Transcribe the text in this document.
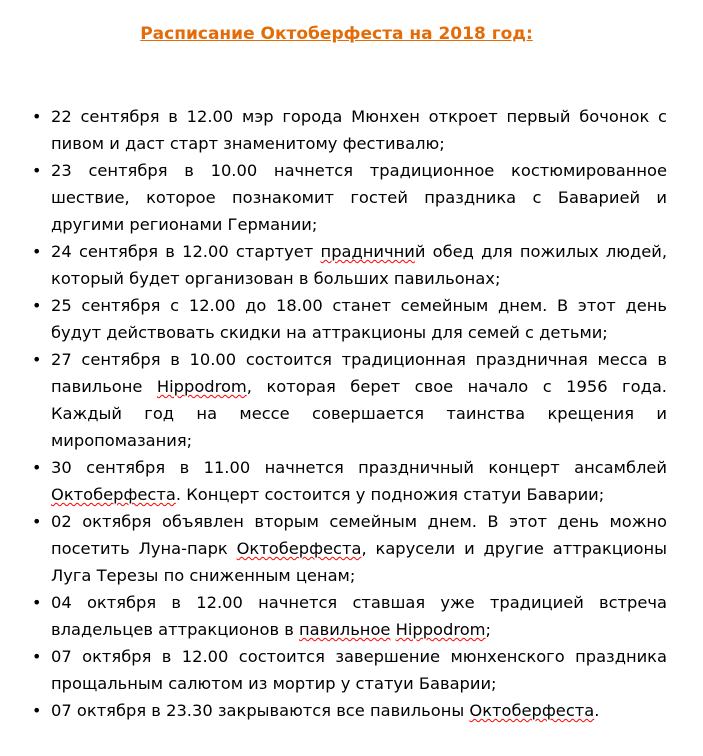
Расписание Октоберфеста на 2018 год:
• 22 сентября в 12.00 мэр города Мюнхен откроет первый бочонок с пивом и даст старт знаменитому фестивалю;
• 23 сентября в 10.00 начнется традиционное костюмированное шествие, которое познакомит гостей праздника с Баварией и другими регионами Германии;
• 24 сентября в 12.00 стартует прадничний обед для пожилых людей, который будет организован в больших павильонах;
• 25 сентября с 12.00 до 18.00 станет семейным днем. В этот день будут действовать скидки на аттракционы для семей с детьми;
• 27 сентября в 10.00 состоится традиционная праздничная месса в павильоне Hippodrom, которая берет свое начало с 1956 года. Каждый год на мессе совершается таинства крещения и миропомазания;
• 30 сентября в 11.00 начнется праздничный концерт ансамблей Октоберфеста. Концерт состоится у подножия статуи Баварии;
• 02 октября объявлен вторым семейным днем. В этот день можно посетить Луна-парк Октоберфеста, карусели и другие аттракционы Луга Терезы по сниженным ценам;
• 04 октября в 12.00 начнется ставшая уже традицией встреча владельцев аттракционов в павильное Hippodrom;
• 07 октября в 12.00 состоится завершение мюнхенского праздника прощальным салютом из мортир у статуи Баварии;
• 07 октября в 23.30 закрываются все павильоны Октоберфеста.
